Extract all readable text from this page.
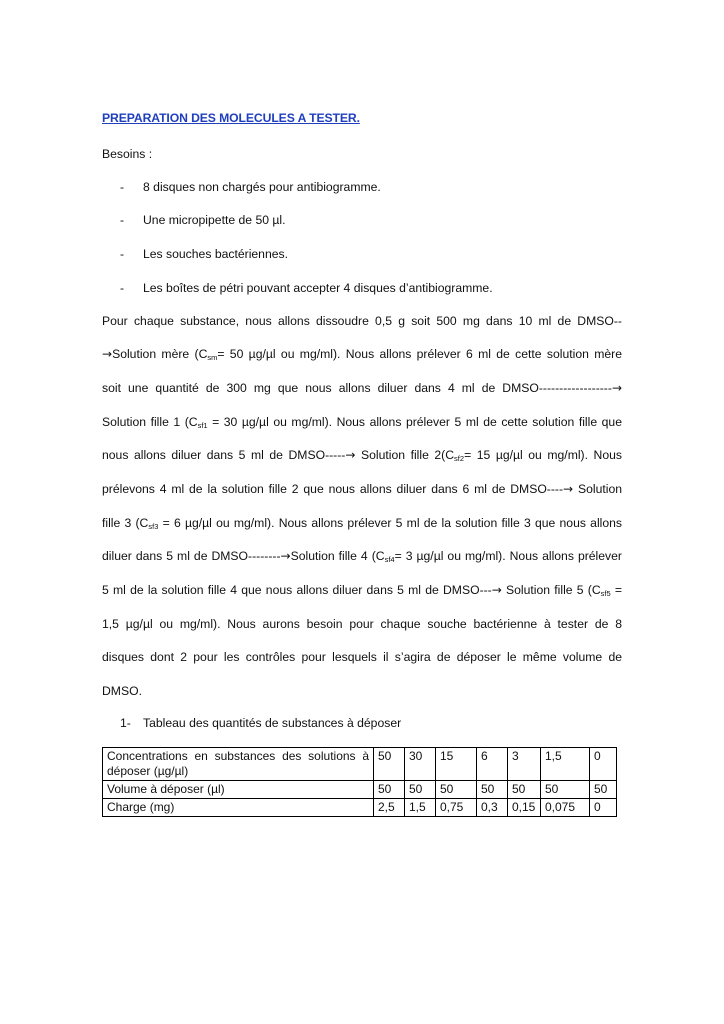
PREPARATION DES MOLECULES A TESTER.
Besoins :
- 8 disques non chargés pour antibiogramme.
- Une micropipette de 50 µl.
- Les souches bactériennes.
- Les boîtes de pétri pouvant accepter 4 disques d’antibiogramme.
Pour chaque substance, nous allons dissoudre 0,5 g soit 500 mg dans 10 ml de DMSO--
→Solution mère ($C_{sm}= 50$ µg/µl ou mg/ml). Nous allons prélever 6 ml de cette solution mère
soit une quantité de 300 mg que nous allons diluer dans 4 ml de DMSO------------------→
Solution fille 1 ($C_{sf1} = 30$ µg/µl ou mg/ml). Nous allons prélever 5 ml de cette solution fille que
nous allons diluer dans 5 ml de DMSO-----→ Solution fille $2(C_{sf2}= 15$ µg/µl ou mg/ml). Nous
prélevons 4 ml de la solution fille 2 que nous allons diluer dans 6 ml de DMSO----→ Solution
fille 3 ($C_{sf3} = 6$ µg/µl ou mg/ml). Nous allons prélever 5 ml de la solution fille 3 que nous allons
diluer dans 5 ml de DMSO--------→Solution fille 4 ($C_{sf4}= 3$ µg/µl ou mg/ml). Nous allons prélever
5 ml de la solution fille 4 que nous allons diluer dans 5 ml de DMSO---→ Solution fille 5 ($C_{sf5}$ =
1,5 µg/µl ou mg/ml). Nous aurons besoin pour chaque souche bactérienne à tester de 8
disques dont 2 pour les contrôles pour lesquels il s’agira de déposer le même volume de
DMSO.
1- Tableau des quantités de substances à déposer
Concentrations en substances des solutions à déposer (µg/µl)	50	30	15	6	3	1,5	0
Volume à déposer (µl)	50	50	50	50	50	50	50
Charge (mg)	2,5	1,5	0,75	0,3	0,15	0,075	0
